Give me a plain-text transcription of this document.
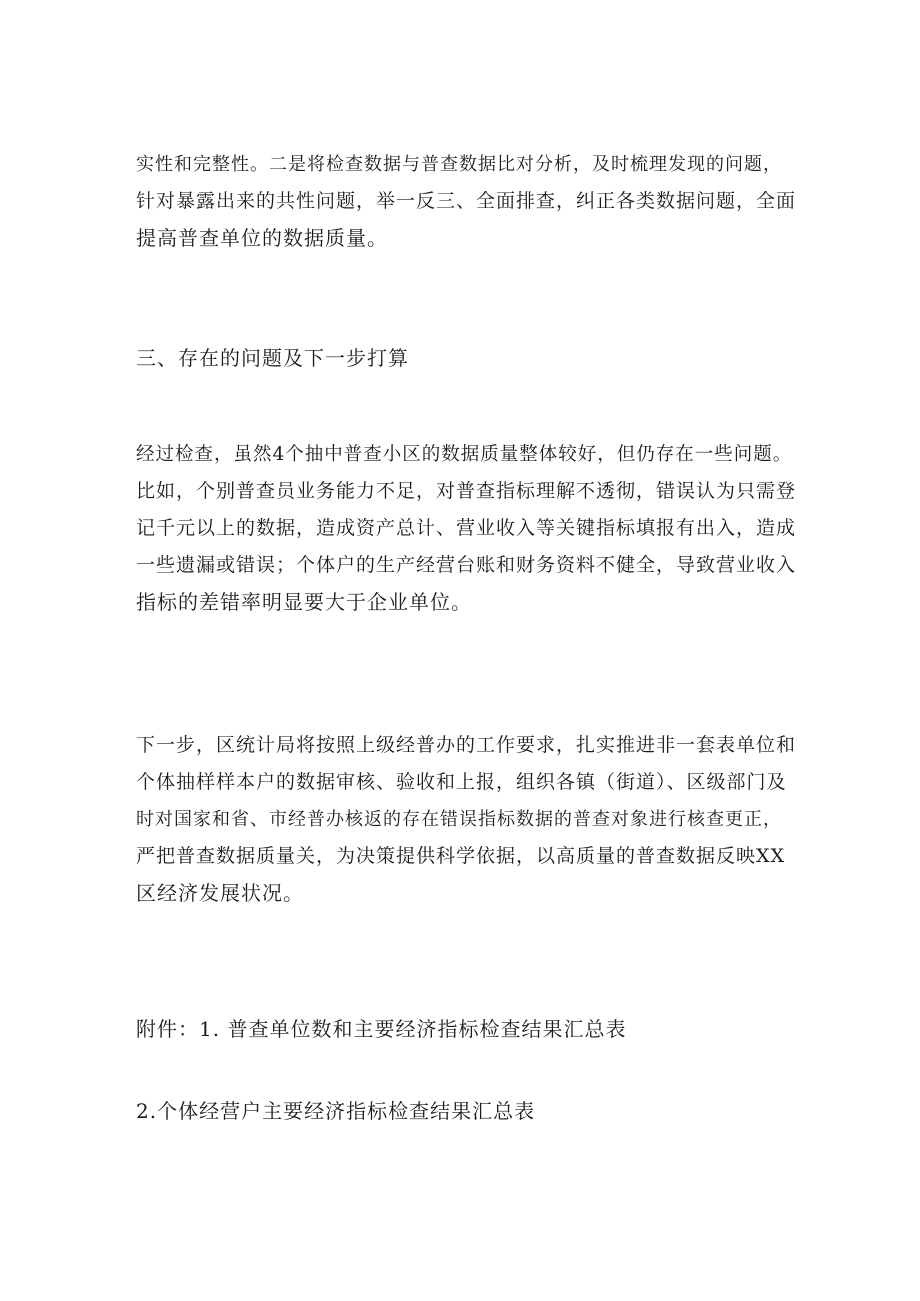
实性和完整性。二是将检查数据与普查数据比对分析，及时梳理发现的问题，
针对暴露出来的共性问题，举一反三、全面排查，纠正各类数据问题，全面
提高普查单位的数据质量。

三、存在的问题及下一步打算

经过检查，虽然4个抽中普查小区的数据质量整体较好，但仍存在一些问题。
比如，个别普查员业务能力不足，对普查指标理解不透彻，错误认为只需登
记千元以上的数据，造成资产总计、营业收入等关键指标填报有出入，造成
一些遗漏或错误；个体户的生产经营台账和财务资料不健全，导致营业收入
指标的差错率明显要大于企业单位。

下一步，区统计局将按照上级经普办的工作要求，扎实推进非一套表单位和
个体抽样样本户的数据审核、验收和上报，组织各镇（街道）、区级部门及
时对国家和省、市经普办核返的存在错误指标数据的普查对象进行核查更正，
严把普查数据质量关，为决策提供科学依据，以高质量的普查数据反映XX
区经济发展状况。

附件：1. 普查单位数和主要经济指标检查结果汇总表

2.个体经营户主要经济指标检查结果汇总表
